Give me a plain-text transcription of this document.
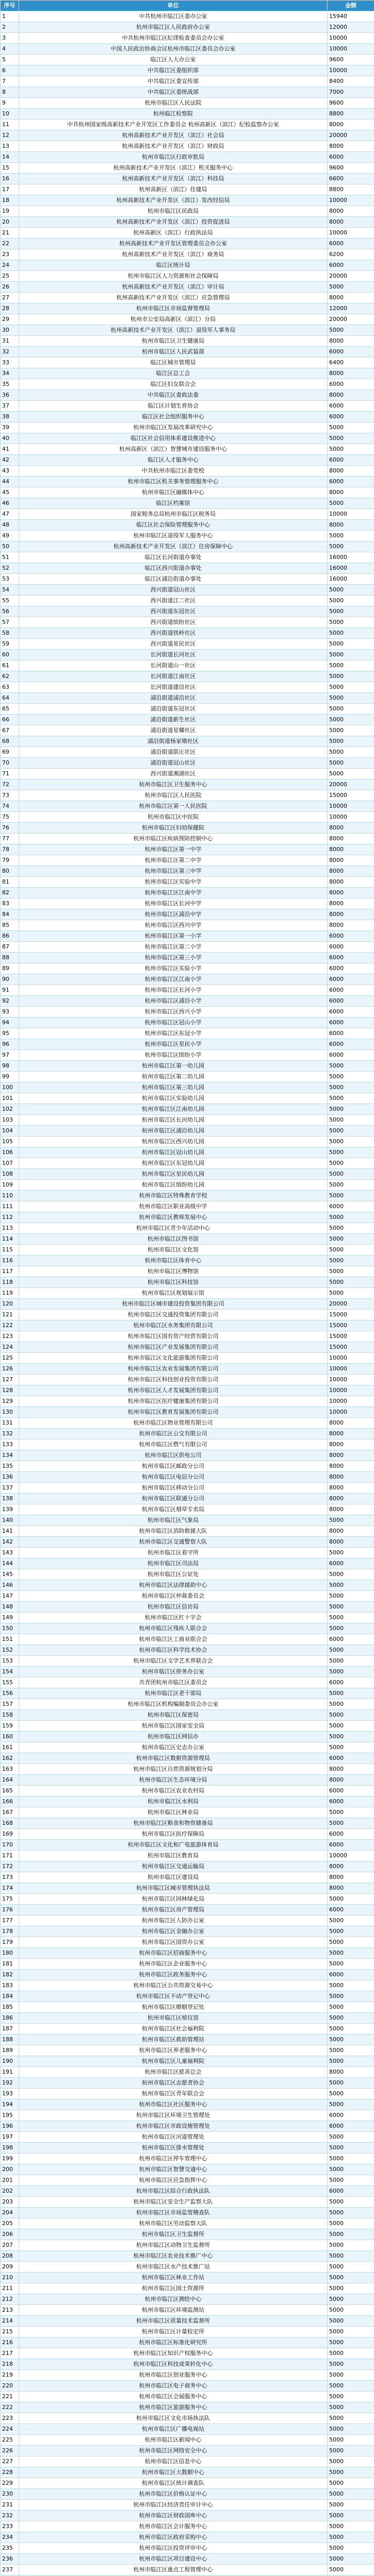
序号	单位	金额
1	中共杭州市临江区委办公室	15940
2	杭州市临江区人民政府办公室	12000
3	中共杭州市临江区纪律检查委员会办公室	10000
4	中国人民政治协商会议杭州市临江区委员会办公室	10000
5	临江区人大办公室	9600
6	中共临江区委组织部	10000
7	中共临江区委宣传部	8400
8	中共临江区委统战部	7000
9	杭州市临江区人民法院	9600
10	杭州临江检察院	8800
11	中共杭州国家级高新技术产业开发区工作委员会 杭州高新区（滨江）纪检监察办公室	8000
12	杭州高新技术产业开发区（滨江）社会局	20000
13	杭州高新技术产业开发区（滨江）财政局	8000
14	杭州市临江区行政审批局	6000
15	杭州高新技术产业开发区（滨江）机关服务中心	9600
16	杭州高新技术产业开发区（滨江）科技局	6600
17	杭州高新区（滨江）住建局	8800
18	杭州高新技术产业开发区（滨江）发改经信局	10000
19	杭州市临江区民政局	8000
20	杭州高新技术产业开发区（滨江）投资促进局	8000
21	杭州高新区（滨江）行政执法局	10000
22	杭州高新技术产业开发区管理委员会办公室	6000
23	杭州高新技术产业开发区（滨江）商务局	6200
24	临江区统计局	6000
25	杭州市临江区人力资源和社会保障局	20000
26	杭州高新技术产业开发区（滨江）审计局	5000
27	杭州高新技术产业开发区（滨江）应急管理局	8000
28	杭州市临江区市场监督管理局	12000
29	杭州市公安局高新区（滨江）分局	20000
30	杭州高新技术产业开发区（滨江）退役军人事务局	5000
31	杭州市临江区卫生健康局	8000
32	杭州市临江区人民武装部	6000
33	临江区城市管理局	6400
34	临江区总工会	8000
35	临江区妇女联合会	6000
36	中共临江区委政法委	8000
37	临江区计划生育协会	6000
38	临江区社会组织服务中心	6000
39	杭州市临江区发展改革研究中心	5000
40	临江区社会信用体系建设推进中心	5000
41	杭州高新区（滨江）智慧城市建设服务中心	5000
42	临江区人才服务中心	6000
43	中共杭州市临江区委党校	8000
44	杭州市临江区机关事务管理服务中心	6000
45	杭州市临江区融媒体中心	8000
46	临江区档案馆	5000
47	国家税务总局杭州市临江区税务局	10000
48	临江区社会保险管理服务中心	8000
49	杭州市临江区退役军人服务中心	5000
50	杭州高新技术产业开发区（滨江）住房保障中心	5000
51	临江区长河街道办事处	16000
52	临江区西兴街道办事处	16000
53	临江区浦沿街道办事处	16000
54	西兴街道冠山社区	5000
55	西兴街道江二社区	5000
56	西兴街道东冠社区	5000
57	西兴街道缤纷社区	5000
58	西兴街道铁岭社区	5000
59	西兴街道星民社区	5000
60	长河街道长河社区	5000
61	长河街道山一社区	5000
62	长河街道江南社区	5000
63	长河街道建设社区	5000
64	浦沿街道浦沿社区	5000
65	浦沿街道东冠社区	5000
66	浦沿街道新生社区	5000
67	浦沿街道星耀社区	5000
68	浦沿街道杨家墩社区	5000
69	浦沿街道联庄社区	5000
70	浦沿街道冠山社区	5000
71	西兴街道湘湖社区	5000
72	杭州市临江区卫生服务中心	20000
73	杭州市临江区人民医院	15000
74	杭州市临江区第一人民医院	10000
75	杭州市临江区中医院	10000
76	杭州市临江区妇幼保健院	8000
77	杭州市临江区疾病预防控制中心	8000
78	杭州市临江区第一中学	8000
79	杭州市临江区第二中学	8000
80	杭州市临江区第三中学	8000
81	杭州市临江区实验中学	8000
82	杭州市临江区江南中学	8000
83	杭州市临江区长河中学	8000
84	杭州市临江区浦沿中学	8000
85	杭州市临江区西兴中学	8000
86	杭州市临江区第一小学	6000
87	杭州市临江区第二小学	6000
88	杭州市临江区第三小学	6000
89	杭州市临江区实验小学	6000
90	杭州市临江区江南小学	6000
91	杭州市临江区长河小学	6000
92	杭州市临江区浦沿小学	6000
93	杭州市临江区西兴小学	6000
94	杭州市临江区冠山小学	6000
95	杭州市临江区东冠小学	6000
96	杭州市临江区星民小学	6000
97	杭州市临江区缤纷小学	6000
98	杭州市临江区第一幼儿园	5000
99	杭州市临江区第二幼儿园	5000
100	杭州市临江区第三幼儿园	5000
101	杭州市临江区实验幼儿园	5000
102	杭州市临江区江南幼儿园	5000
103	杭州市临江区长河幼儿园	5000
104	杭州市临江区浦沿幼儿园	5000
105	杭州市临江区西兴幼儿园	5000
106	杭州市临江区冠山幼儿园	5000
107	杭州市临江区东冠幼儿园	5000
108	杭州市临江区星民幼儿园	5000
109	杭州市临江区缤纷幼儿园	5000
110	杭州市临江区特殊教育学校	5000
111	杭州市临江区职业高级中学	6000
112	杭州市临江区教师发展中心	5000
113	杭州市临江区青少年活动中心	5000
114	杭州市临江区图书馆	5000
115	杭州市临江区文化馆	5000
116	杭州市临江区体育中心	5000
117	杭州市临江区博物馆	5000
118	杭州市临江区科技馆	5000
119	杭州市临江区规划展示馆	5000
120	杭州市临江区城市建设投资集团有限公司	20000
121	杭州市临江区交通投资集团有限公司	15000
122	杭州市临江区水务集团有限公司	15000
123	杭州市临江区国有资产经营有限公司	15000
124	杭州市临江区产业发展集团有限公司	15000
125	杭州市临江区文化旅游集团有限公司	10000
126	杭州市临江区农业发展集团有限公司	10000
127	杭州市临江区科技创业投资有限公司	10000
128	杭州市临江区人才发展集团有限公司	10000
129	杭州市临江区医疗健康集团有限公司	10000
130	杭州市临江区教育发展集团有限公司	10000
131	杭州市临江区物业管理有限公司	8000
132	杭州市临江区公交有限公司	8000
133	杭州市临江区燃气有限公司	8000
134	杭州市临江区供电公司	8000
135	杭州市临江区邮政分公司	8000
136	杭州市临江区电信分公司	8000
137	杭州市临江区移动分公司	8000
138	杭州市临江区联通分公司	8000
139	杭州市临江区烟草专卖局	8000
140	杭州市临江区气象局	5000
141	杭州市临江区消防救援大队	8000
142	杭州市临江区交通警察大队	8000
143	杭州市临江区看守所	5000
144	杭州市临江区司法局	6000
145	杭州市临江区公证处	5000
146	杭州市临江区法律援助中心	5000
147	杭州市临江区仲裁委员会	5000
148	杭州市临江区信访局	5000
149	杭州市临江区红十字会	5000
150	杭州市临江区残疾人联合会	5000
151	杭州市临江区工商业联合会	6000
152	杭州市临江区科学技术协会	5000
153	杭州市临江区文学艺术界联合会	5000
154	杭州市临江区侨务办公室	5000
155	共青团杭州市临江区委员会	6000
156	杭州市临江区老干部局	5000
157	杭州市临江区机构编制委员会办公室	5000
158	杭州市临江区保密局	5000
159	杭州市临江区国家安全局	5000
160	杭州市临江区网信办	5000
161	杭州市临江区史志办公室	5000
162	杭州市临江区数据资源管理局	6000
163	杭州市临江区自然资源规划分局	8000
164	杭州市临江区生态环境分局	8000
165	杭州市临江区农业农村局	6000
166	杭州市临江区水利局	6000
167	杭州市临江区林业局	5000
168	杭州市临江区粮食和物资储备局	5000
169	杭州市临江区医疗保障局	6000
170	杭州市临江区文化和广电旅游体育局	6000
171	杭州市临江区教育局	10000
172	杭州市临江区交通运输局	8000
173	杭州市临江区建设局	8000
174	杭州市临江区城市管理执法局	8000
175	杭州市临江区园林绿化局	5000
176	杭州市临江区房产管理局	6000
177	杭州市临江区人防办公室	5000
178	杭州市临江区金融办公室	5000
179	杭州市临江区国资办公室	5000
180	杭州市临江区招商服务中心	5000
181	杭州市临江区企业服务中心	5000
182	杭州市临江区政务服务中心	6000
183	杭州市临江区公共资源交易中心	5000
184	杭州市临江区不动产登记中心	5000
185	杭州市临江区婚姻登记处	5000
186	杭州市临江区殡仪馆	5000
187	杭州市临江区社会福利院	5000
188	杭州市临江区救助管理站	5000
189	杭州市临江区养老服务中心	5000
190	杭州市临江区儿童福利院	5000
191	杭州市临江区慈善总会	8000
192	杭州市临江区志愿者协会	5000
193	杭州市临江区青年联合会	5000
194	杭州市临江区社区服务中心	5000
195	杭州市临江区环境卫生管理处	6000
196	杭州市临江区市政设施管理处	6000
197	杭州市临江区河道管理处	5000
198	杭州市临江区排水管理处	5000
199	杭州市临江区停车管理中心	5000
200	杭州市临江区智慧交通中心	5000
201	杭州市临江区应急指挥中心	5000
202	杭州市临江区综合行政执法队	6000
203	杭州市临江区安全生产监察大队	5000
204	杭州市临江区市场监管稽查队	5000
205	杭州市临江区劳动监察大队	5000
206	杭州市临江区卫生监督所	5000
207	杭州市临江区动物卫生监督所	5000
208	杭州市临江区农业技术推广中心	5000
209	杭州市临江区水产技术推广站	5000
210	杭州市临江区林业工作站	5000
211	杭州市临江区国土资源所	5000
212	杭州市临江区测绘中心	5000
213	杭州市临江区环境监测站	5000
214	杭州市临江区质量技术监督所	5000
215	杭州市临江区计量检定所	5000
216	杭州市临江区标准化研究所	5000
217	杭州市临江区知识产权服务中心	5000
218	杭州市临江区科技成果转化中心	5000
219	杭州市临江区创业服务中心	5000
220	杭州市临江区电子商务中心	5000
221	杭州市临江区会展服务中心	5000
222	杭州市临江区旅游服务中心	5000
223	杭州市临江区文化市场执法队	5000
224	杭州市临江区广播电视站	5000
225	杭州市临江区新闻中心	5000
226	杭州市临江区网络安全中心	5000
227	杭州市临江区信息中心	5000
228	杭州市临江区大数据中心	5000
229	杭州市临江区统计调查队	5000
230	杭州市临江区价格认证中心	5000
231	杭州市临江区经济责任审计中心	5000
232	杭州市临江区财政国库中心	5000
233	杭州市临江区会计服务中心	5000
234	杭州市临江区政府采购中心	5000
235	杭州市临江区投资评审中心	5000
236	杭州市临江区项目建设中心	5000
237	杭州市临江区重点工程管理中心	5000
